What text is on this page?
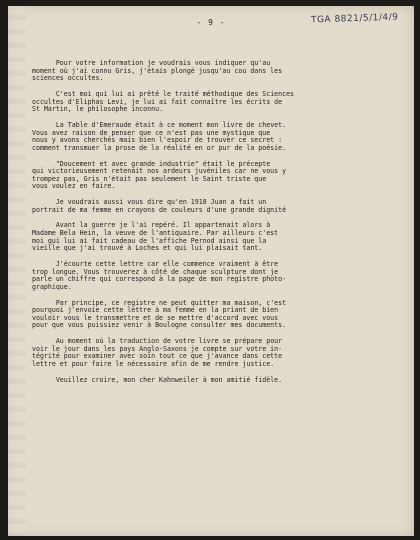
- 9 -	TGA 8821/5/1/4/9

Pour votre information je voudrais vous indiquer qu'au
moment où j'ai connu Gris, j'étais plongé jusqu'au cou dans les
sciences occultes.

C'est moi qui lui ai prêté le traité méthodique des Sciences
occultes d'Eliphas Levi, je lui ai fait connaître les écrits de
St Martin, le philosophe inconnu.

La Table d'Emeraude était à ce moment mon livre de chevet.
Vous avez raison de penser que ce n'est pas une mystique que
nous y avons cherchés mais bien l'espoir de trouver ce secret :
comment transmuer la prose de la réalité en or pur de la poésie.

"Doucement et avec grande industrie" était le précepte
qui victorieusement retenait nos ardeurs juvéniles car ne vous y
trompez pas, Gris n'était pas seulement le Saint triste que
vous voulez en faire.

Je voudrais aussi vous dire qu'en 1918 Juan a fait un
portrait de ma femme en crayons de couleurs d'une grande dignité

Avant la guerre je l'ai repéré. Il appartenait alors à
Madame Bela Hein, la veuve de l'antiquaire. Par ailleurs c'est
moi qui lui ai fait cadeau de l'affiche Pernod ainsi que la
vieille que j'ai trouvé à Loches et qui lui plaisait tant.

J'écourte cette lettre car elle commence vraiment à être
trop longue. Vous trouverez à côté de chaque sculpture dont je
parle un chiffre qui correspond à la page de mon registre photo-
graphique.

Par principe, ce registre ne peut quitter ma maison, c'est
pourquoi j'envoie cette lettre à ma femme en la priant de bien
vouloir vous le transmettre et de se mettre d'accord avec vous
pour que vous puissiez venir à Boulogne consulter mes documents.

Au moment où la traduction de votre livre se prépare pour
voir le jour dans les pays Anglo-Saxons je compte sur votre in-
tégrité pour examiner avec soin tout ce que j'avance dans cette
lettre et pour faire le nécessaire afin de me rendre justice.

Veuillez croire, mon cher Kahnweiler à mon amitié fidèle.
